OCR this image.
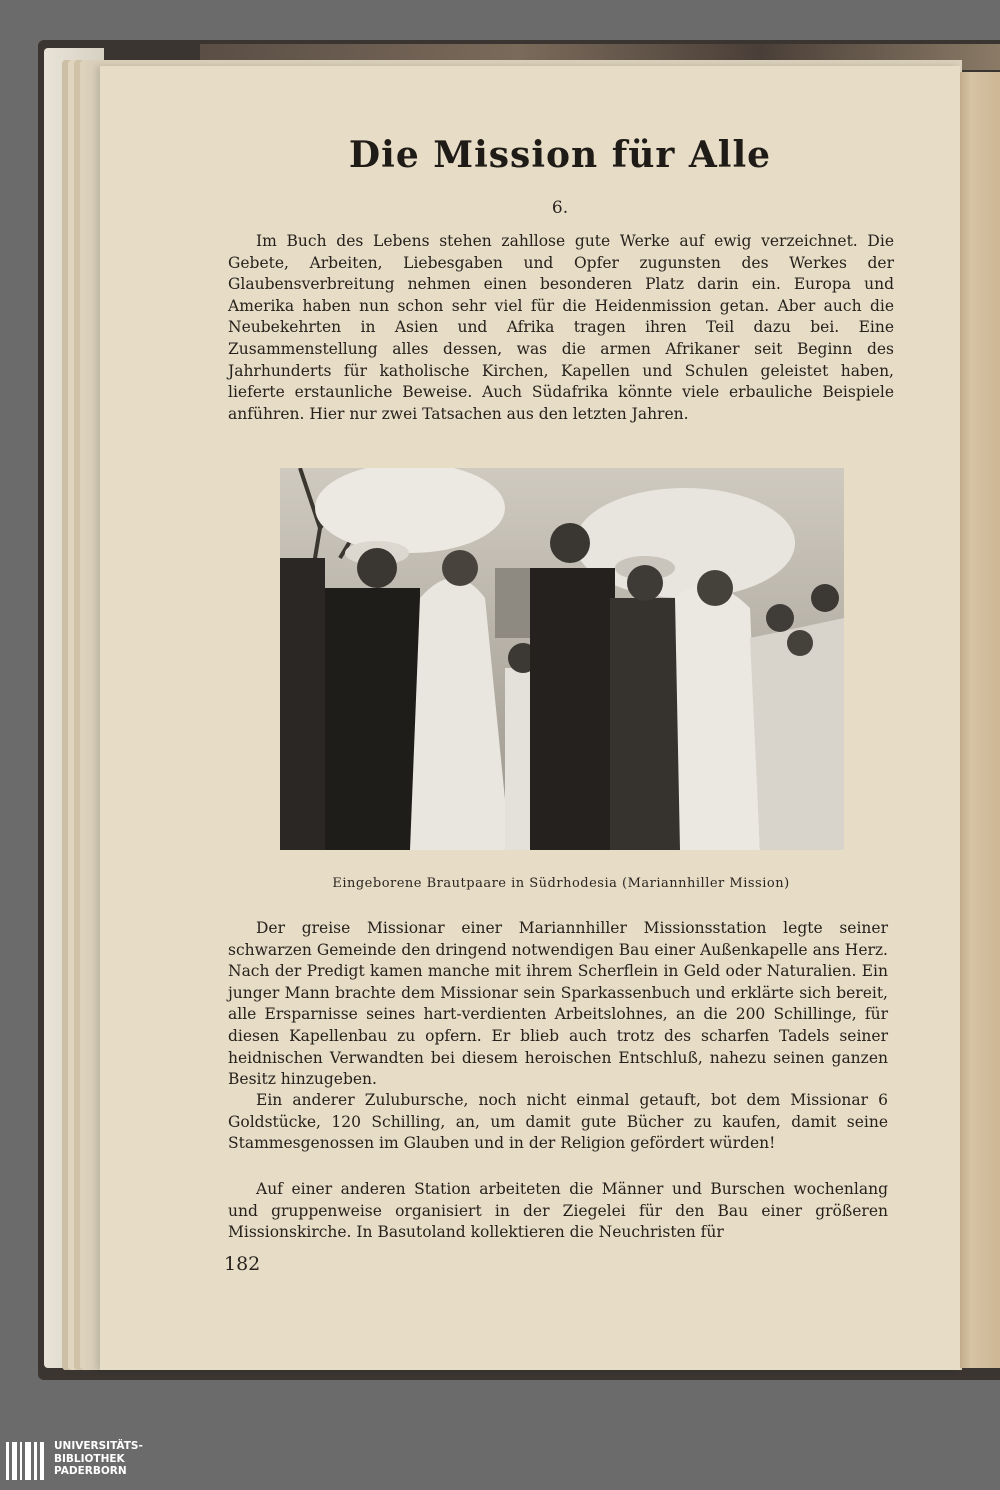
Die Mission für Alle
6.

Im Buch des Lebens stehen zahllose gute Werke auf ewig verzeichnet. Die Gebete, Arbeiten, Liebesgaben und Opfer zugunsten des Werkes der Glaubensverbreitung nehmen einen besonderen Platz darin ein. Europa und Amerika haben nun schon sehr viel für die Heidenmission getan. Aber auch die Neubekehrten in Asien und Afrika tragen ihren Teil dazu bei. Eine Zusammenstellung alles dessen, was die armen Afrikaner seit Beginn des Jahrhunderts für katholische Kirchen, Kapellen und Schulen geleistet haben, lieferte erstaunliche Beweise. Auch Südafrika könnte viele erbauliche Beispiele anführen. Hier nur zwei Tatsachen aus den letzten Jahren.

Eingeborene Brautpaare in Südrhodesia (Mariannhiller Mission)

Der greise Missionar einer Mariannhiller Missionsstation legte seiner schwarzen Gemeinde den dringend notwendigen Bau einer Außenkapelle ans Herz. Nach der Predigt kamen manche mit ihrem Scherflein in Geld oder Naturalien. Ein junger Mann brachte dem Missionar sein Sparkassenbuch und erklärte sich bereit, alle Ersparnisse seines hart-verdienten Arbeitslohnes, an die 200 Schillinge, für diesen Kapellenbau zu opfern. Er blieb auch trotz des scharfen Tadels seiner heidnischen Verwandten bei diesem heroischen Entschluß, nahezu seinen ganzen Besitz hinzugeben.

Ein anderer Zulubursche, noch nicht einmal getauft, bot dem Missionar 6 Goldstücke, 120 Schilling, an, um damit gute Bücher zu kaufen, damit seine Stammesgenossen im Glauben und in der Religion gefördert würden!

Auf einer anderen Station arbeiteten die Männer und Burschen wochenlang und gruppenweise organisiert in der Ziegelei für den Bau einer größeren Missionskirche. In Basutoland kollektieren die Neuchristen für

182
UNIVERSITÄTS-
BIBLIOTHEK
PADERBORN
